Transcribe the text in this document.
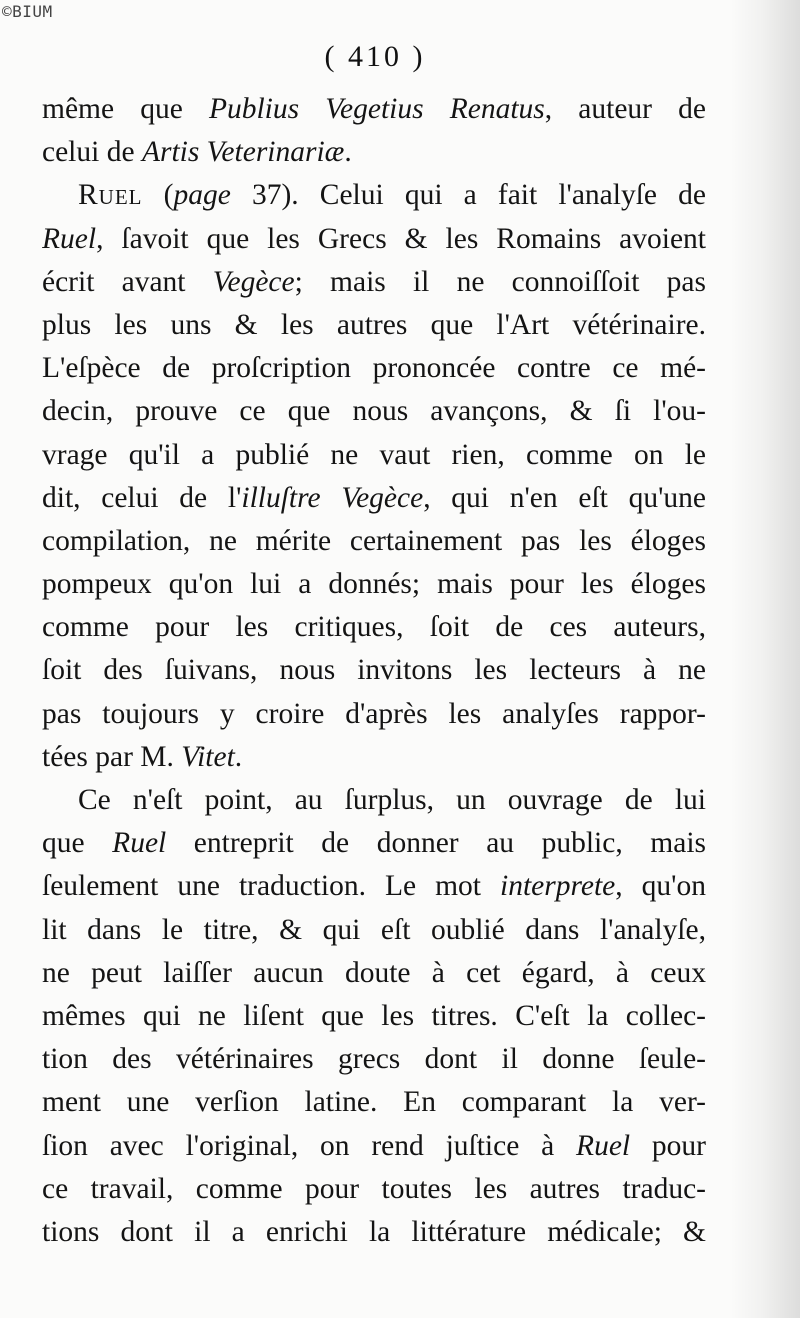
©BIUM
( 410 )
même que Publius Vegetius Renatus, auteur de
celui de Artis Veterinariæ.
Ruel (page 37). Celui qui a fait l'analyſe de
Ruel, ſavoit que les Grecs & les Romains avoient
écrit avant Vegèce; mais il ne connoiſſoit pas
plus les uns & les autres que l'Art vétérinaire.
L'eſpèce de proſcription prononcée contre ce mé-
decin, prouve ce que nous avançons, & ſi l'ou-
vrage qu'il a publié ne vaut rien, comme on le
dit, celui de l'illuſtre Vegèce, qui n'en eſt qu'une
compilation, ne mérite certainement pas les éloges
pompeux qu'on lui a donnés; mais pour les éloges
comme pour les critiques, ſoit de ces auteurs,
ſoit des ſuivans, nous invitons les lecteurs à ne
pas toujours y croire d'après les analyſes rappor-
tées par M. Vitet.
Ce n'eſt point, au ſurplus, un ouvrage de lui
que Ruel entreprit de donner au public, mais
ſeulement une traduction. Le mot interprete, qu'on
lit dans le titre, & qui eſt oublié dans l'analyſe,
ne peut laiſſer aucun doute à cet égard, à ceux
mêmes qui ne liſent que les titres. C'eſt la collec-
tion des vétérinaires grecs dont il donne ſeule-
ment une verſion latine. En comparant la ver-
ſion avec l'original, on rend juſtice à Ruel pour
ce travail, comme pour toutes les autres traduc-
tions dont il a enrichi la littérature médicale; &
